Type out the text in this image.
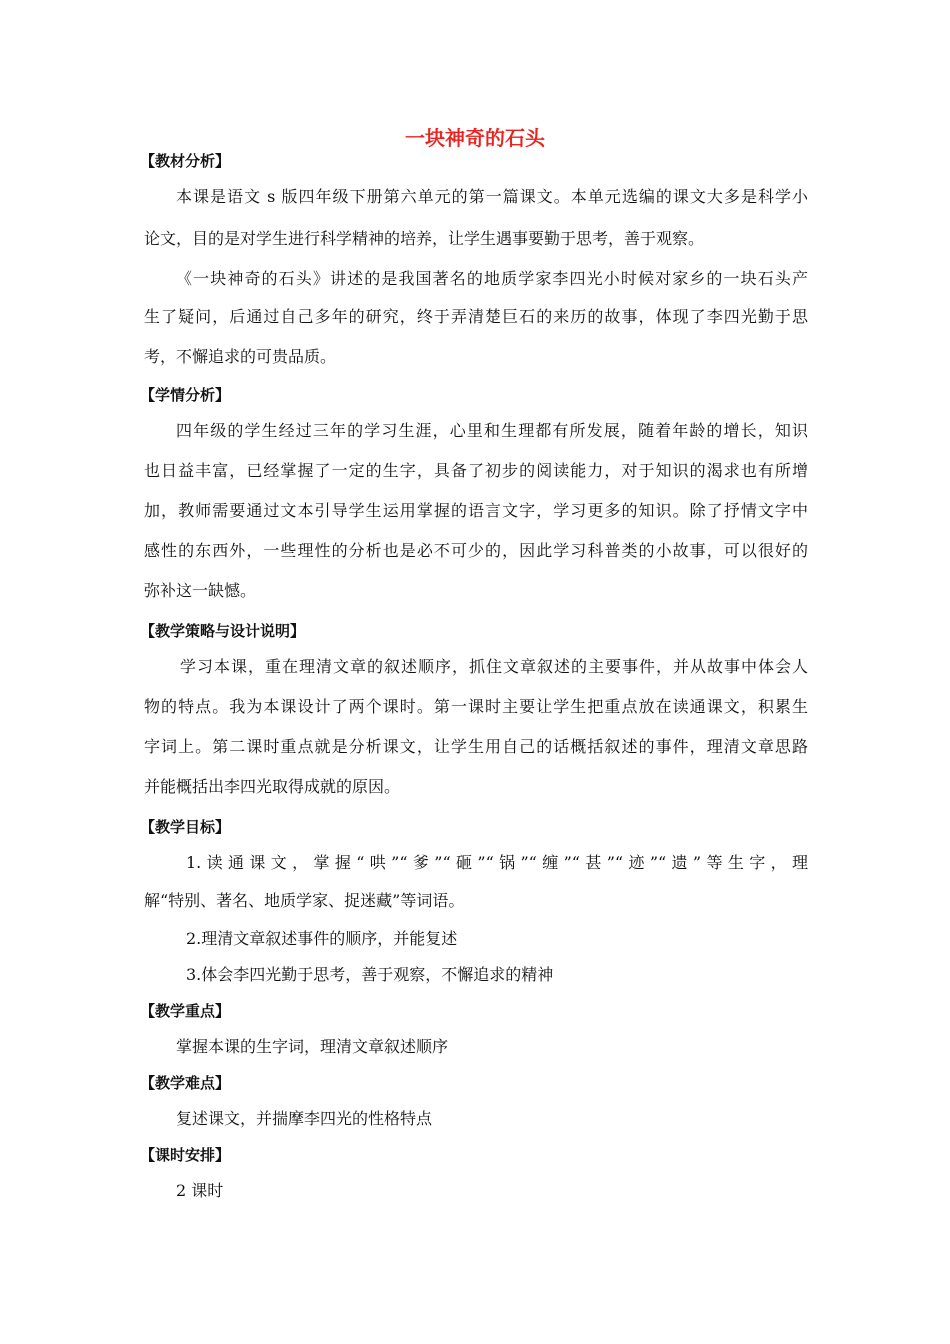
一块神奇的石头
【教材分析】
本课是语文 s 版四年级下册第六单元的第一篇课文。本单元选编的课文大多是科学小
论文，目的是对学生进行科学精神的培养，让学生遇事要勤于思考，善于观察。
《一块神奇的石头》讲述的是我国著名的地质学家李四光小时候对家乡的一块石头产
生了疑问，后通过自己多年的研究，终于弄清楚巨石的来历的故事，体现了李四光勤于思
考，不懈追求的可贵品质。
【学情分析】
四年级的学生经过三年的学习生涯，心里和生理都有所发展，随着年龄的增长，知识
也日益丰富，已经掌握了一定的生字，具备了初步的阅读能力，对于知识的渴求也有所增
加，教师需要通过文本引导学生运用掌握的语言文字，学习更多的知识。除了抒情文字中
感性的东西外，一些理性的分析也是必不可少的，因此学习科普类的小故事，可以很好的
弥补这一缺憾。
【教学策略与设计说明】
学习本课，重在理清文章的叙述顺序，抓住文章叙述的主要事件，并从故事中体会人
物的特点。我为本课设计了两个课时。第一课时主要让学生把重点放在读通课文，积累生
字词上。第二课时重点就是分析课文，让学生用自己的话概括叙述的事件，理清文章思路
并能概括出李四光取得成就的原因。
【教学目标】
1.读通课文，掌握“哄”“爹”“砸”“锅”“缠”“甚”“迹”“遗”等生字，理
解“特别、著名、地质学家、捉迷藏”等词语。
2.理清文章叙述事件的顺序，并能复述
3.体会李四光勤于思考，善于观察，不懈追求的精神
【教学重点】
掌握本课的生字词，理清文章叙述顺序
【教学难点】
复述课文，并揣摩李四光的性格特点
【课时安排】
2 课时
